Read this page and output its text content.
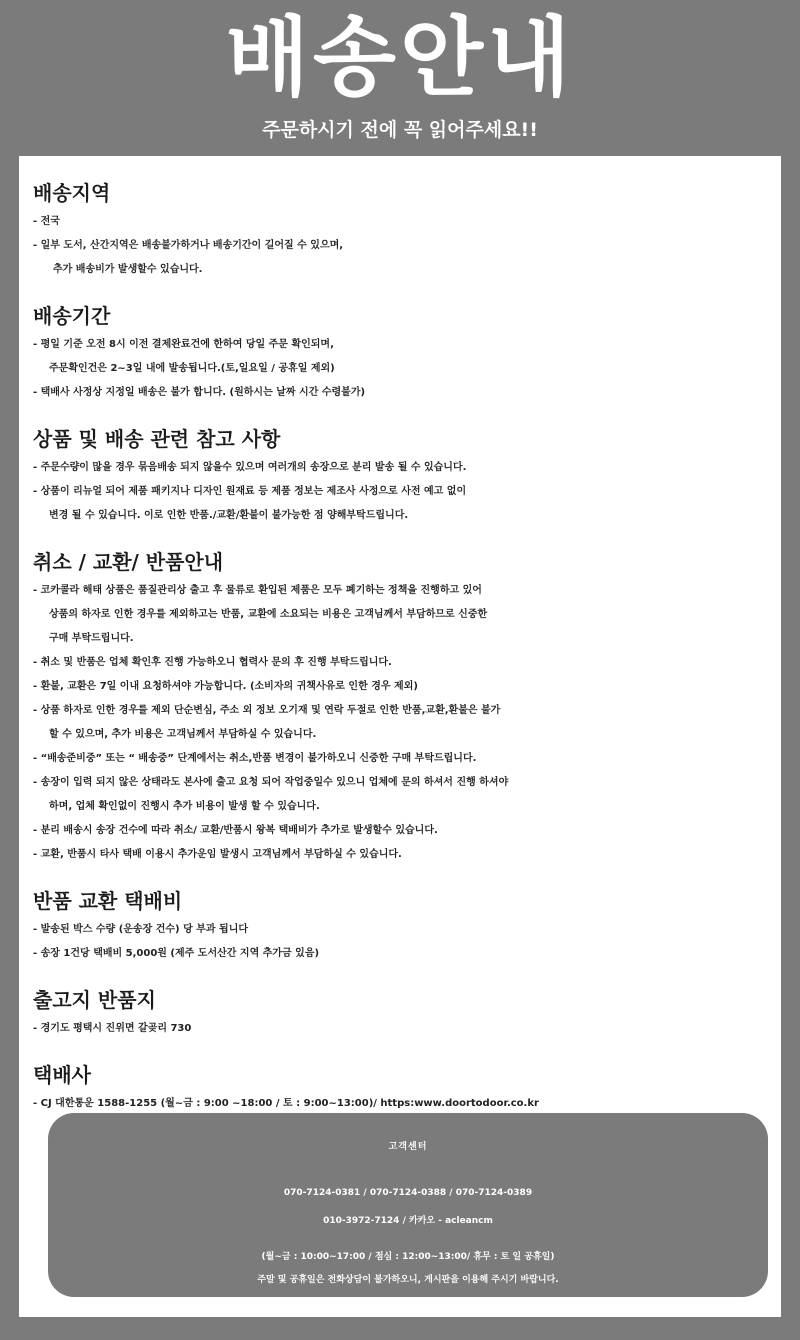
배송안내
주문하시기 전에 꼭 읽어주세요!!
배송지역
- 전국
- 일부 도서, 산간지역은 배송불가하거나 배송기간이 길어질 수 있으며,
추가 배송비가 발생할수 있습니다.
배송기간
- 평일 기준 오전 8시 이전 결제완료건에 한하여 당일 주문 확인되며,
주문확인건은 2~3일 내에 발송됩니다.(토,일요일 / 공휴일 제외)
- 택배사 사정상 지정일 배송은 불가 합니다. (원하시는 날짜 시간 수령불가)
상품 및 배송 관련 참고 사항
- 주문수량이 많을 경우 묶음배송 되지 않을수 있으며 여러개의 송장으로 분리 발송 될 수 있습니다.
- 상품이 리뉴얼 되어 제품 패키지나 디자인 원재료 등 제품 정보는 제조사 사정으로 사전 예고 없이
변경 될 수 있습니다. 이로 인한 반품./교환/환불이 불가능한 점 양해부탁드립니다.
취소 / 교환/ 반품안내
- 코카콜라 해태 상품은 품질관리상 출고 후 물류로 환입된 제품은 모두 폐기하는 정책을 진행하고 있어
상품의 하자로 인한 경우를 제외하고는 반품, 교환에 소요되는 비용은 고객님께서 부담하므로 신중한
구매 부탁드립니다.
- 취소 및 반품은 업체 확인후 진행 가능하오니 협력사 문의 후 진행 부탁드립니다.
- 환불, 교환은 7일 이내 요청하셔야 가능합니다. (소비자의 귀책사유로 인한 경우 제외)
- 상품 하자로 인한 경우를 제외 단순변심, 주소 외 정보 오기재 및 연락 두절로 인한 반품,교환,환불은 불가
할 수 있으며, 추가 비용은 고객님께서 부담하실 수 있습니다.
- “배송준비중” 또는 “ 배송중” 단계에서는 취소,반품 변경이 불가하오니 신중한 구매 부탁드립니다.
- 송장이 입력 되지 않은 상태라도 본사에 출고 요청 되어 작업중일수 있으니 업체에 문의 하셔서 진행 하셔야
하며, 업체 확인없이 진행시 추가 비용이 발생 할 수 있습니다.
- 분리 배송시 송장 건수에 따라 취소/ 교환/반품시 왕복 택배비가 추가로 발생할수 있습니다.
- 교환, 반품시 타사 택배 이용시 추가운임 발생시 고객님께서 부담하실 수 있습니다.
반품 교환 택배비
- 발송된 박스 수량 (운송장 건수) 당 부과 됩니다
- 송장 1건당 택배비 5,000원 (제주 도서산간 지역 추가금 있음)
출고지 반품지
- 경기도 평택시 진위면 갈곶리 730
택배사
- CJ 대한통운 1588-1255 (월~금 : 9:00 ~18:00 / 토 : 9:00~13:00)/ https:www.doortodoor.co.kr
고객센터
070-7124-0381 / 070-7124-0388 / 070-7124-0389
010-3972-7124 / 카카오 - acleancm
(월~금 : 10:00~17:00 / 점심 : 12:00~13:00/ 휴무 : 토 일 공휴일)
주말 및 공휴일은 전화상담이 불가하오니, 게시판을 이용해 주시기 바랍니다.
